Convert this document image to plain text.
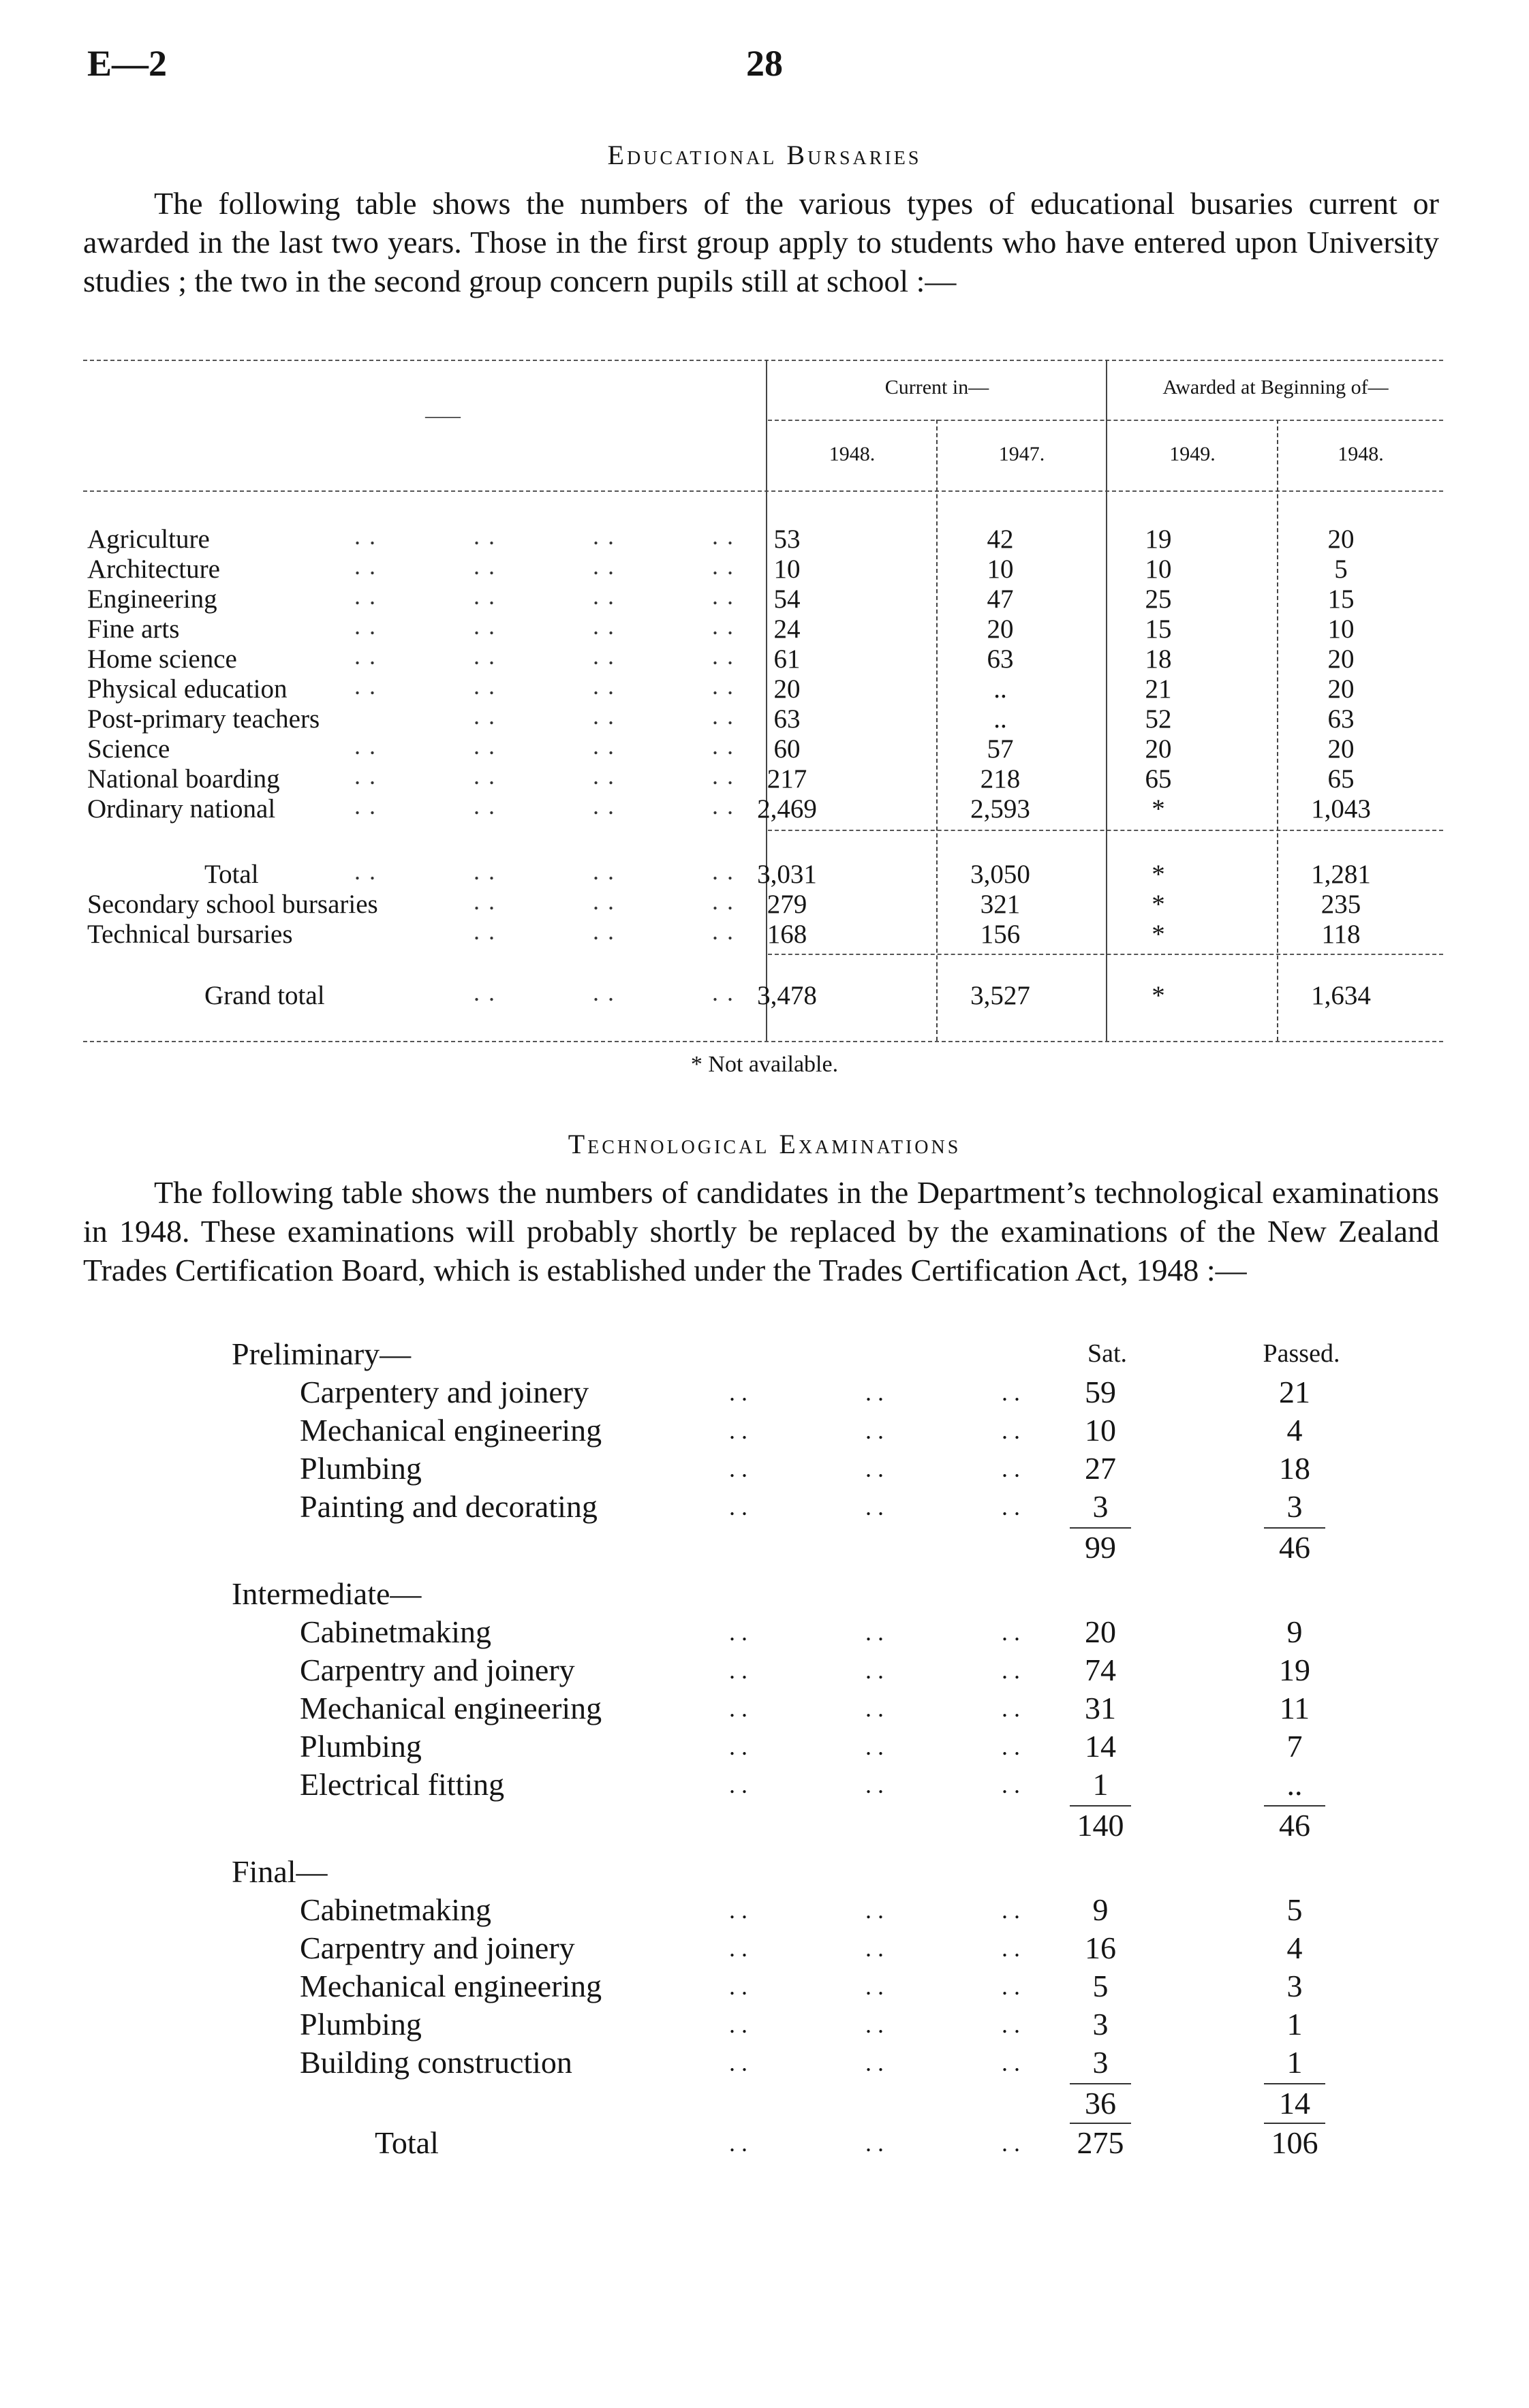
E—2	28
Educational Bursaries

The following table shows the numbers of the various types of educational busaries current or awarded in the last two years. Those in the first group apply to students who have entered upon University studies ; the two in the second group concern pupils still at school :—

——
Current in—	Awarded at Beginning of—
1948.	1947.	1949.	1948.
Agriculture	. .	. .	. .	. .	53	42	19	20
Architecture	. .	. .	. .	. .	10	10	10	5
Engineering	. .	. .	. .	. .	54	47	25	15
Fine arts	. .	. .	. .	. .	24	20	15	10
Home science	. .	. .	. .	. .	61	63	18	20
Physical education	. .	. .	. .	. .	20	..	21	20
Post-primary teachers	. .	. .	. .	63	..	52	63
Science	. .	. .	. .	. .	60	57	20	20
National boarding	. .	. .	. .	. .	217	218	65	65
Ordinary national	. .	. .	. .	. . 2,469	2,593	*	1,043
Total	. .	. .	. .	. . 3,031	3,050	*	1,281
Secondary school bursaries	. .	. .	. .	279	321	*	235
Technical bursaries	. .	. .	. .	168	156	*	118
Grand total	. .	. .	. . 3,478	3,527	*	1,634
* Not available.
Technological Examinations

The following table shows the numbers of candidates in the Department’s technological examinations in 1948. These examinations will probably shortly be replaced by the examinations of the New Zealand Trades Certification Board, which is established under the Trades Certification Act, 1948 :—

Sat.	Passed.
Preliminary—
Carpentery and joinery	. .	. .	. .	59	21
Mechanical engineering	. .	. .	. .	10	4
Plumbing	. .	. .	. .	27	18
Painting and decorating	. .	. .	. .	3	3
99	46
Intermediate—
Cabinetmaking	. .	. .	. .	20	9
Carpentry and joinery	. .	. .	. .	74	19
Mechanical engineering	. .	. .	. .	31	11
Plumbing	. .	. .	. .	14	7
Electrical fitting	. .	. .	. .	1	..
140	46
Final—
Cabinetmaking	. .	. .	. .	9	5
Carpentry and joinery	. .	. .	. .	16	4
Mechanical engineering	. .	. .	. .	5	3
Plumbing	. .	. .	. .	3	1
Building construction	. .	. .	. .	3	1
36	14
Total	. .	. .	. .	275	106
